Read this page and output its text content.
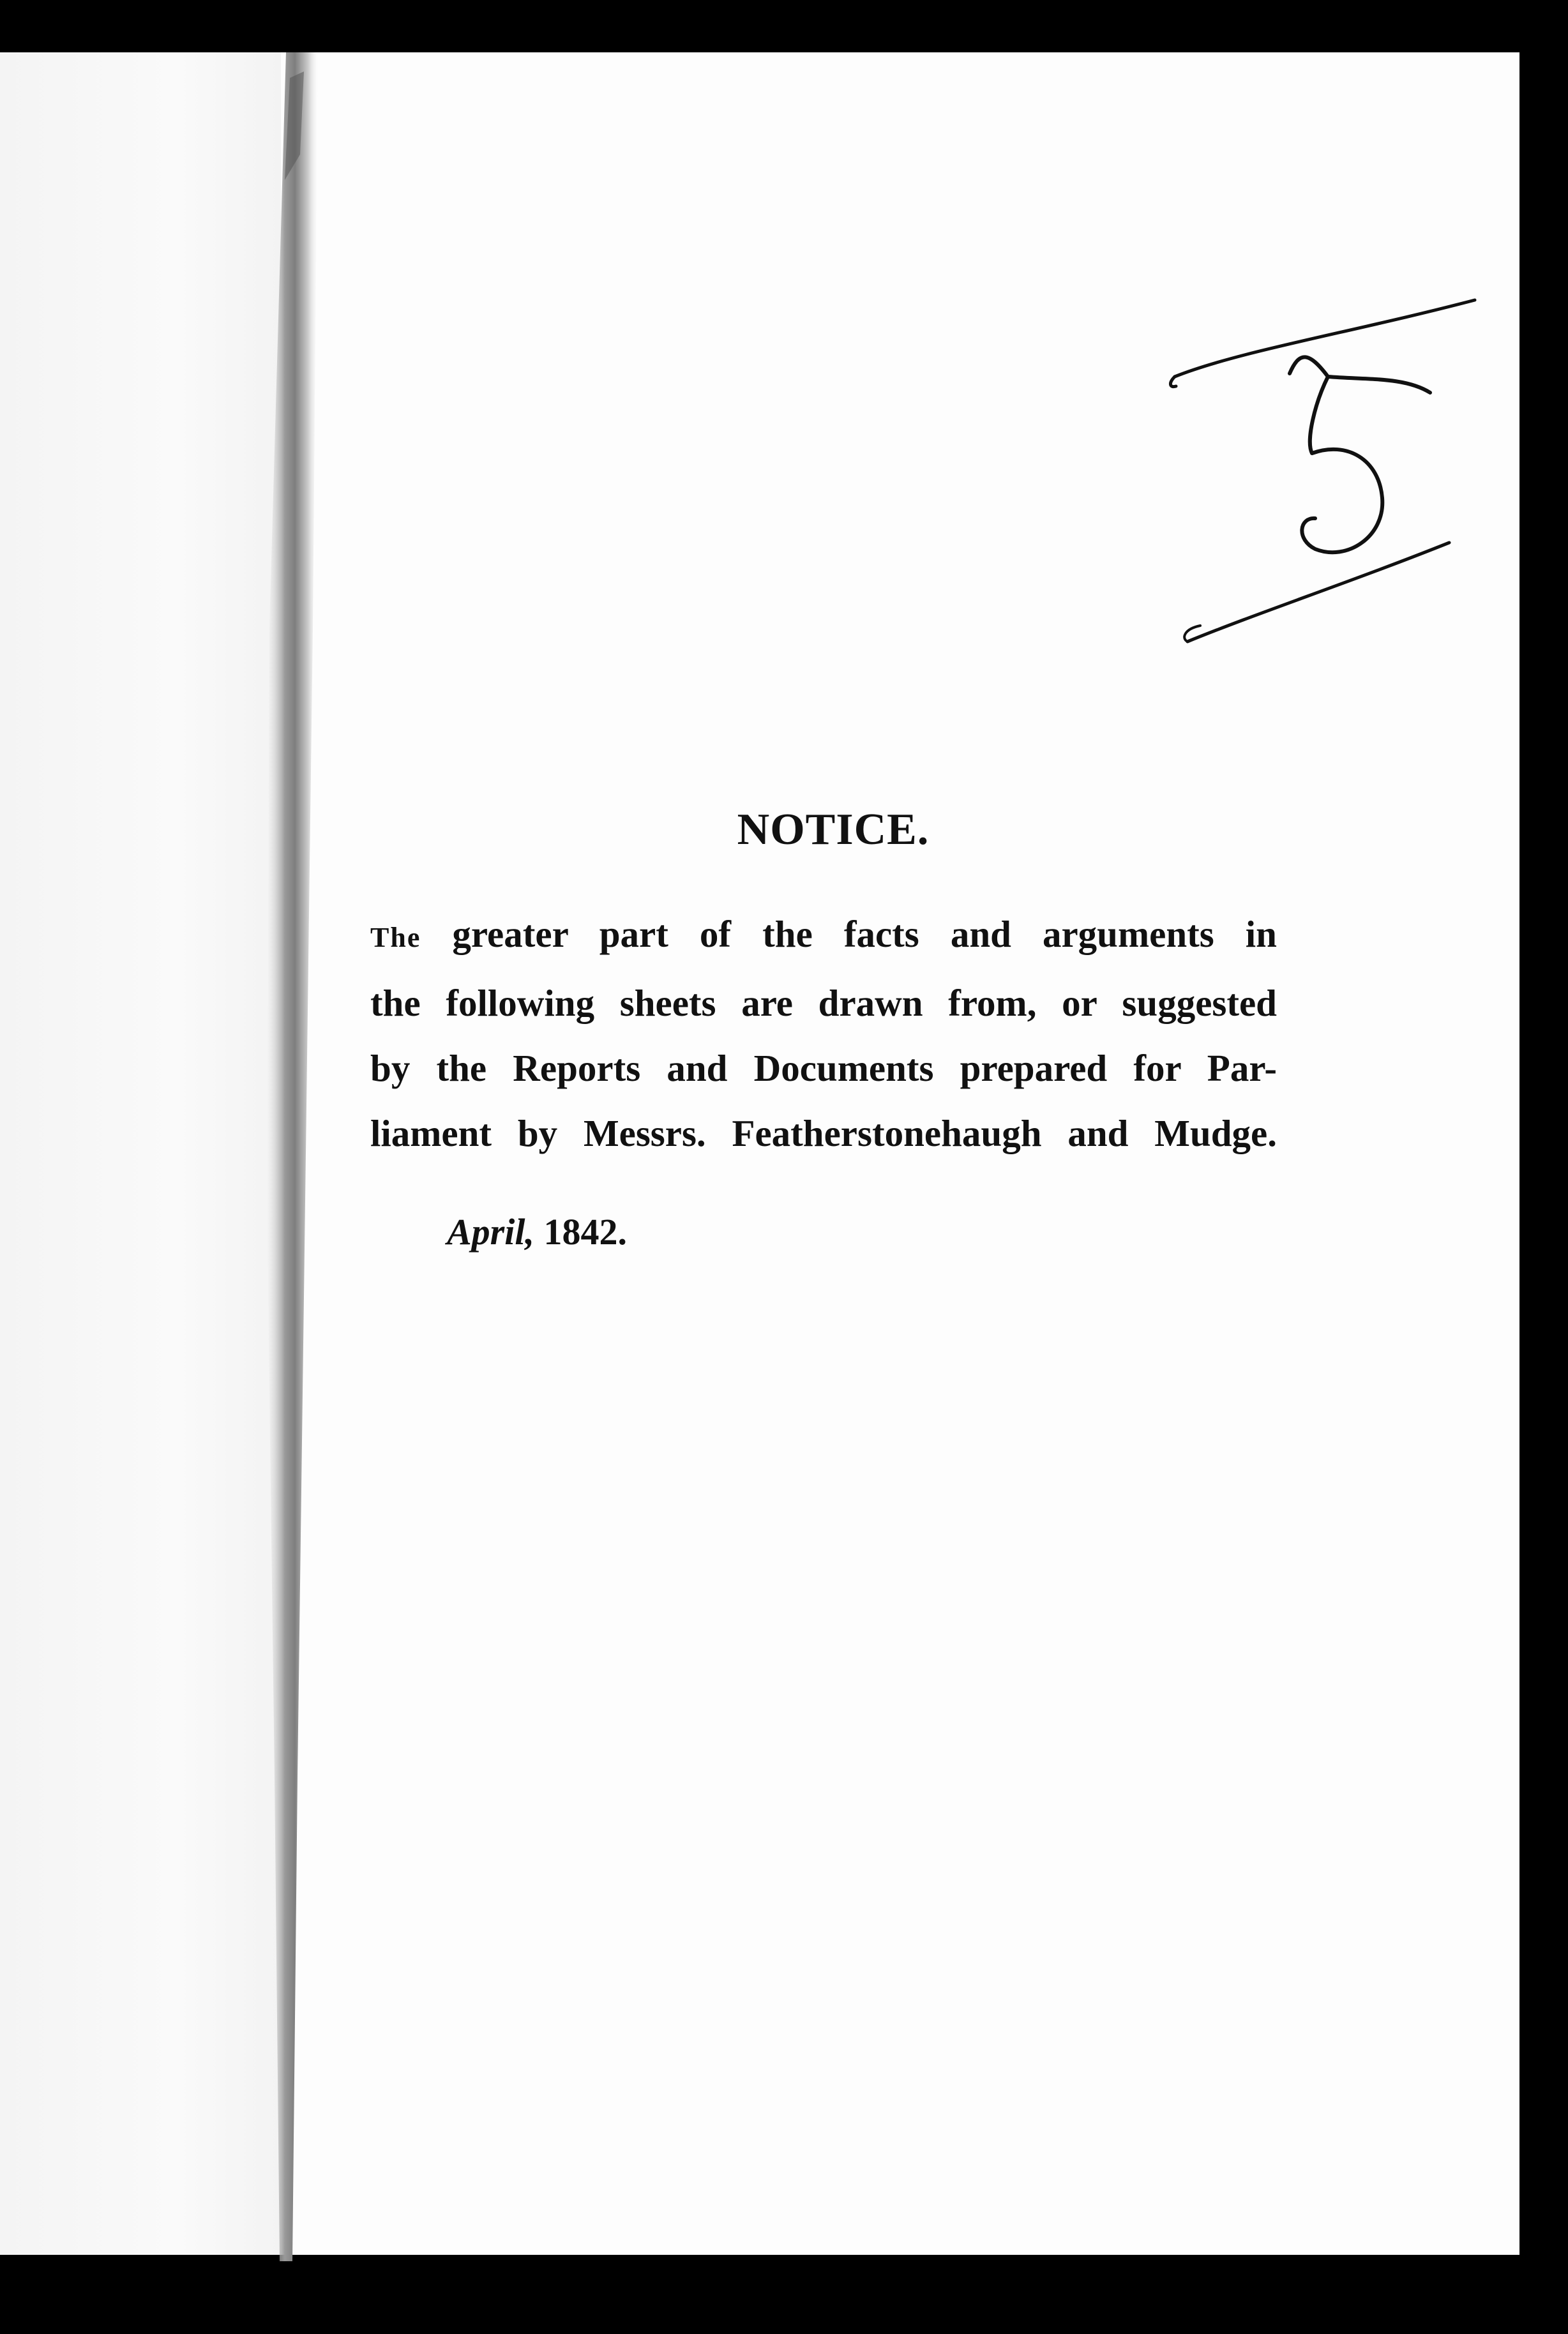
NOTICE.
The greater part of the facts and arguments in
the following sheets are drawn from, or suggested
by the Reports and Documents prepared for Par-
liament by Messrs. Featherstonehaugh and Mudge.
April, 1842.
